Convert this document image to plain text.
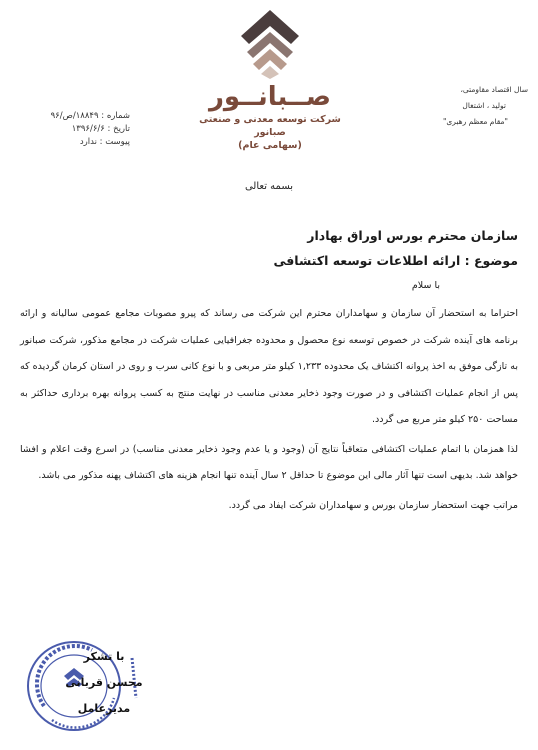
سال اقتصاد مقاومتی،
تولید ، اشتغال
"مقام معظم رهبری"
صــبانــور
شرکت توسعه معدنی و صنعتی صبانور
(سهامی عام)
شماره : ۱۸۸۴۹/ص/۹۶
تاریخ : ۱۳۹۶/۶/۶
پیوست : ندارد
بسمه تعالی
سازمان محترم بورس اوراق بهادار
موضوع : ارائه اطلاعات توسعه اکتشافی
با سلام

احتراما به استحضار آن سازمان و سهامداران محترم این شرکت می رساند که پیرو مصوبات مجامع عمومی سالیانه و ارائه برنامه های آینده شرکت در خصوص توسعه نوع محصول و محدوده جغرافیایی عملیات شرکت در مجامع مذکور، شرکت صبانور به تازگی موفق به اخذ پروانه اکتشاف یک محدوده ۱,۲۳۳ کیلو متر مربعی و با نوع کانی سرب و روی در استان کرمان گردیده که پس از انجام عملیات اکتشافی و در صورت وجود ذخایر معدنی مناسب در نهایت منتج به کسب پروانه بهره برداری حداکثر به مساحت ۲۵۰ کیلو متر مربع می گردد.

لذا همزمان با اتمام عملیات اکتشافی متعاقباً نتایج آن (وجود و یا عدم وجود ذخایر معدنی مناسب) در اسرع وقت اعلام و افشا خواهد شد. بدیهی است تنها آثار مالی این موضوع تا حداقل ۲ سال آینده تنها انجام هزینه های اکتشاف پهنه مذکور می باشد.

مراتب جهت استحضار سازمان بورس و سهامداران شرکت ایفاد می گردد.

با تشکر
محسن قربانی
مدیرعامل
